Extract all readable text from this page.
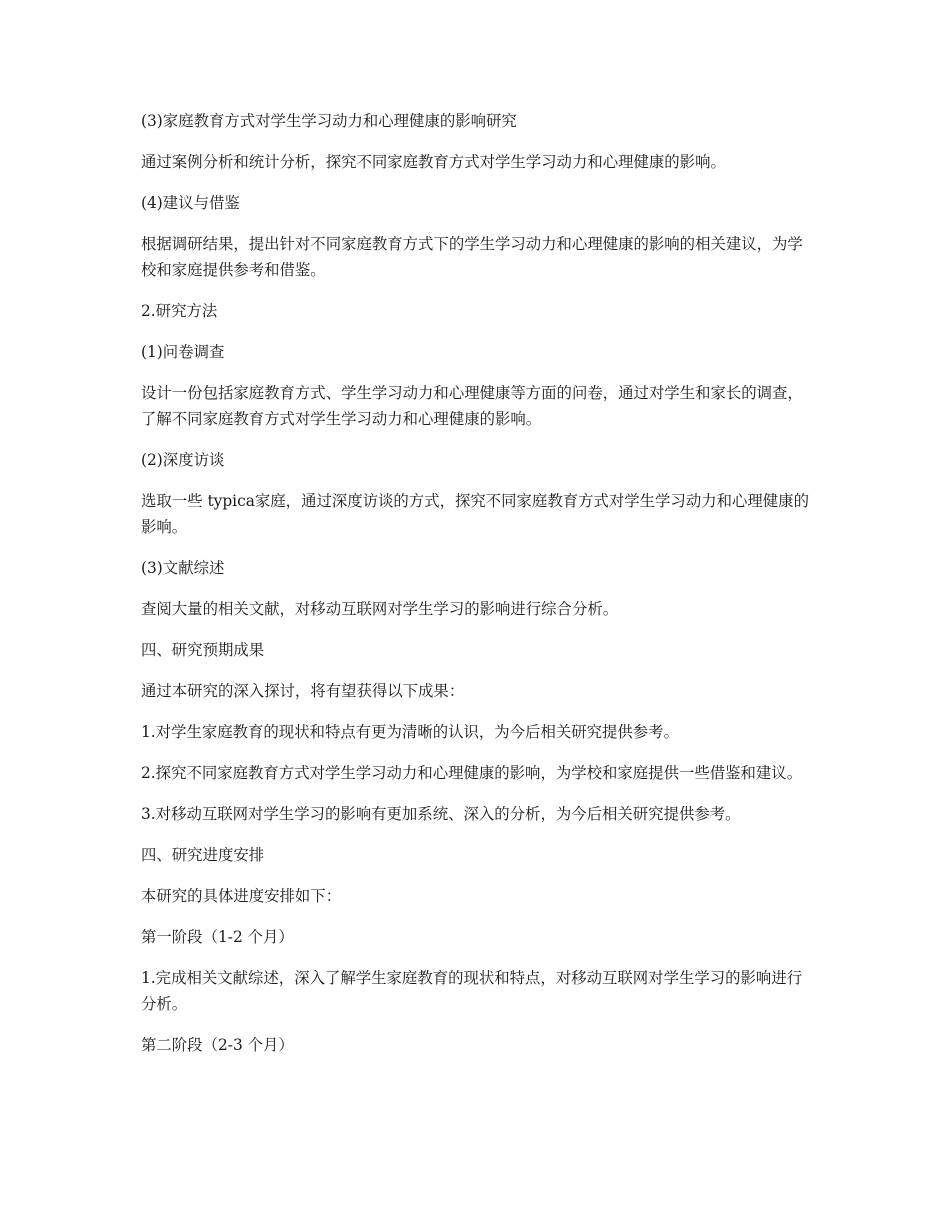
(3)家庭教育方式对学生学习动力和心理健康的影响研究

通过案例分析和统计分析，探究不同家庭教育方式对学生学习动力和心理健康的影响。

(4)建议与借鉴

根据调研结果，提出针对不同家庭教育方式下的学生学习动力和心理健康的影响的相关建议，为学校和家庭提供参考和借鉴。

2.研究方法

(1)问卷调查

设计一份包括家庭教育方式、学生学习动力和心理健康等方面的问卷，通过对学生和家长的调查，了解不同家庭教育方式对学生学习动力和心理健康的影响。

(2)深度访谈

选取一些 typica家庭，通过深度访谈的方式，探究不同家庭教育方式对学生学习动力和心理健康的影响。

(3)文献综述

查阅大量的相关文献，对移动互联网对学生学习的影响进行综合分析。

四、研究预期成果

通过本研究的深入探讨，将有望获得以下成果：

1.对学生家庭教育的现状和特点有更为清晰的认识，为今后相关研究提供参考。

2.探究不同家庭教育方式对学生学习动力和心理健康的影响，为学校和家庭提供一些借鉴和建议。

3.对移动互联网对学生学习的影响有更加系统、深入的分析，为今后相关研究提供参考。

四、研究进度安排

本研究的具体进度安排如下：

第一阶段（1-2 个月）

1.完成相关文献综述，深入了解学生家庭教育的现状和特点，对移动互联网对学生学习的影响进行分析。

第二阶段（2-3 个月）
